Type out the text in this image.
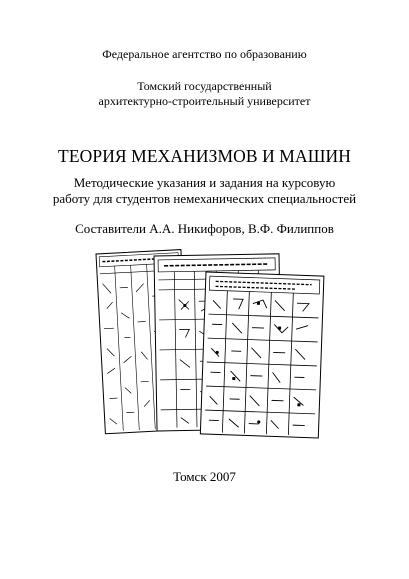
Федеральное агентство по образованию
Томский государственный
архитектурно-строительный университет
ТЕОРИЯ МЕХАНИЗМОВ И МАШИН
Методические указания и задания на курсовую
работу для студентов немеханических специальностей
Составители А.А. Никифоров, В.Ф. Филиппов
Томск 2007
